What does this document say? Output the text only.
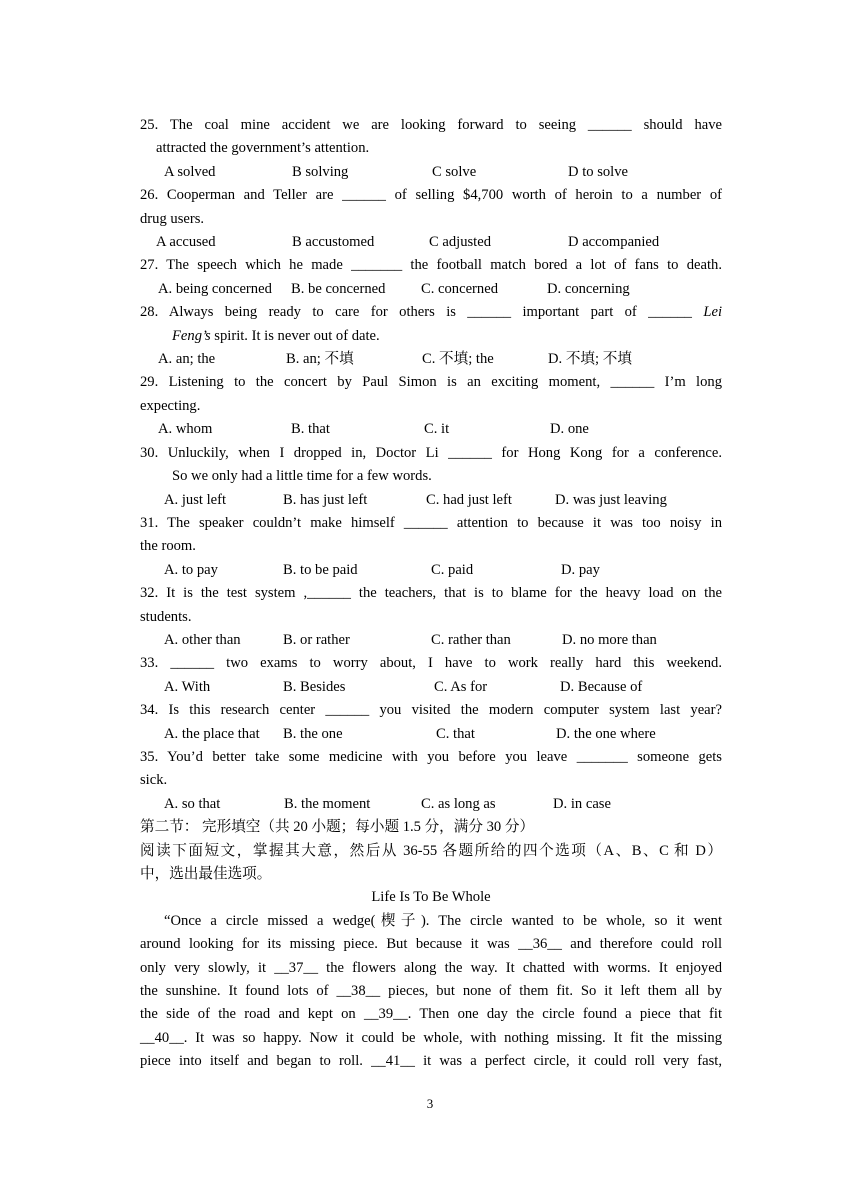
25. The coal mine accident we are looking forward to seeing ______ should have
attracted the government’s attention.
A solved	B solving	C solve	D to solve
26. Cooperman and Teller are ______ of selling $4,700 worth of heroin to a number of
drug users.
A accused	B accustomed	C adjusted	D accompanied
27. The speech which he made _______ the football match bored a lot of fans to death.
A. being concerned	B. be concerned	C. concerned	D. concerning
28. Always being ready to care for others is ______ important part of ______ Lei
Feng’s spirit. It is never out of date.
A. an; the	B. an; 不填	C. 不填; the	D. 不填; 不填
29. Listening to the concert by Paul Simon is an exciting moment, ______ I’m long
expecting.
A. whom	B. that	C. it	D. one
30. Unluckily, when I dropped in, Doctor Li ______ for Hong Kong for a conference.
So we only had a little time for a few words.
A. just left	B. has just left	C. had just left	D. was just leaving
31. The speaker couldn’t make himself ______ attention to because it was too noisy in
the room.
A. to pay	B. to be paid	C. paid	D. pay
32. It is the test system ,______ the teachers, that is to blame for the heavy load on the
students.
A. other than	B. or rather	C. rather than	D. no more than
33. ______ two exams to worry about, I have to work really hard this weekend.
A. With	B. Besides	C. As for	D. Because of
34. Is this research center ______ you visited the modern computer system last year?
A. the place that	B. the one	C. that	D. the one where
35. You’d better take some medicine with you before you leave _______ someone gets
sick.
A. so that	B. the moment	C. as long as	D. in case
第二节： 完形填空（共 20 小题；每小题 1.5 分，满分 30 分）
阅读下面短文，掌握其大意，然后从 36-55 各题所给的四个选项（A、B、C 和 D）
中，选出最佳选项。
Life Is To Be Whole
“Once a circle missed a wedge(楔子). The circle wanted to be whole, so it went
around looking for its missing piece. But because it was __36__ and therefore could roll
only very slowly, it __37__ the flowers along the way. It chatted with worms. It enjoyed
the sunshine. It found lots of __38__ pieces, but none of them fit. So it left them all by
the side of the road and kept on __39__. Then one day the circle found a piece that fit
__40__. It was so happy. Now it could be whole, with nothing missing. It fit the missing
piece into itself and began to roll. __41__ it was a perfect circle, it could roll very fast,
3
